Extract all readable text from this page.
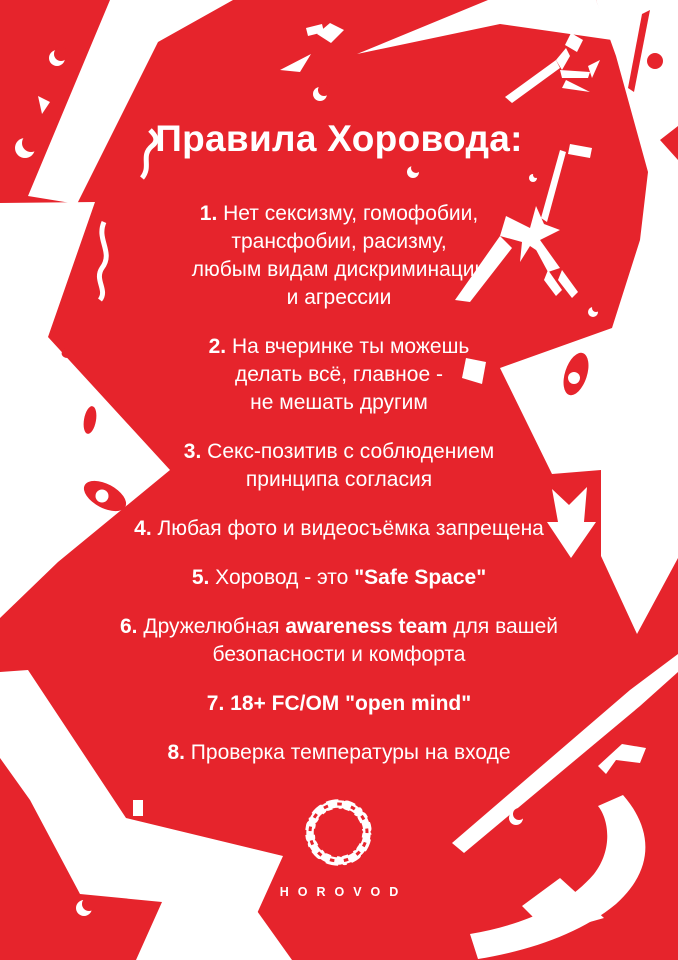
Правила Хоровода:
1. Нет сексизму, гомофобии,
трансфобии, расизму,
любым видам дискриминации
и агрессии
2. На вчеринке ты можешь
делать всё, главное -
не мешать другим
3. Секс-позитив с соблюдением
принципа согласия
4. Любая фото и видеосъёмка запрещена
5. Хоровод - это "Safe Space"
6. Дружелюбная awareness team для вашей
безопасности и комфорта
7. 18+ FC/OM "open mind"
8. Проверка температуры на входе
HOROVOD
